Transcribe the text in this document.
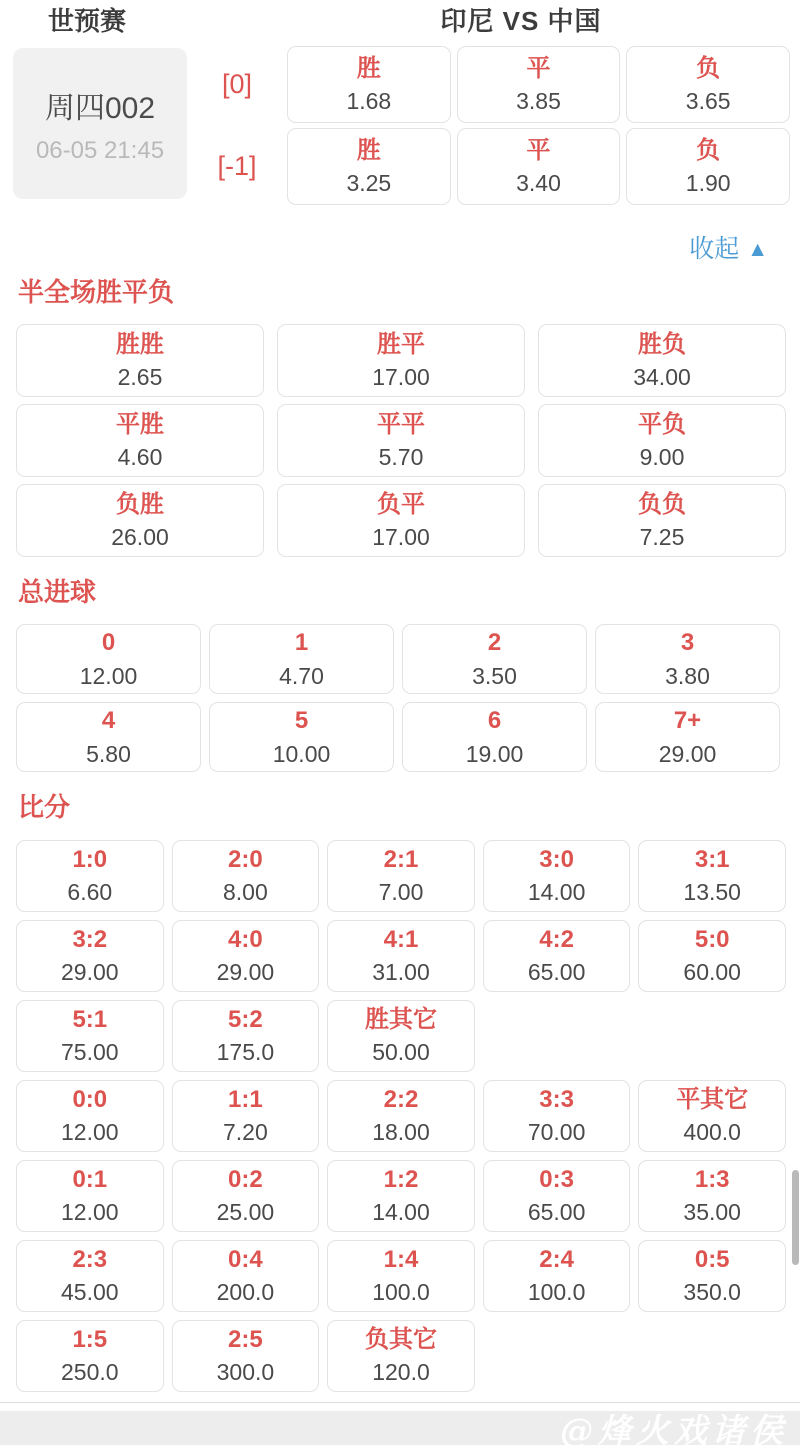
世预赛	印尼 VS 中国
周四002
06-05 21:45
[0]
胜
1.68
平
3.85
负
3.65
[-1]
胜
3.25
平
3.40
负
1.90
收起 ▲
半全场胜平负
胜胜
2.65
胜平
17.00
胜负
34.00
平胜
4.60
平平
5.70
平负
9.00
负胜
26.00
负平
17.00
负负
7.25
总进球
0
12.00
1
4.70
2
3.50
3
3.80
4
5.80
5
10.00
6
19.00
7+
29.00
比分
1:0
6.60
2:0
8.00
2:1
7.00
3:0
14.00
3:1
13.50
3:2
29.00
4:0
29.00
4:1
31.00
4:2
65.00
5:0
60.00
5:1
75.00
5:2
175.0
胜其它
50.00
0:0
12.00
1:1
7.20
2:2
18.00
3:3
70.00
平其它
400.0
0:1
12.00
0:2
25.00
1:2
14.00
0:3
65.00
1:3
35.00
2:3
45.00
0:4
200.0
1:4
100.0
2:4
100.0
0:5
350.0
1:5
250.0
2:5
300.0
负其它
120.0
@烽火戏诸侯
